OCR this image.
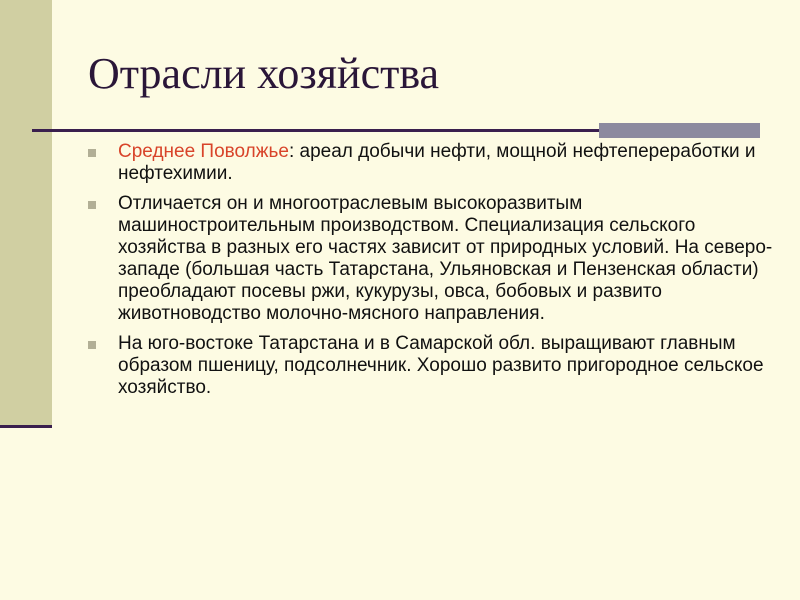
Отрасли хозяйства
Среднее Поволжье: ареал добычи нефти, мощной нефтепереработки и нефтехимии.
Отличается он и многоотраслевым высокоразвитым машиностроительным производством. Специализация сельского хозяйства в разных его частях зависит от природных условий. На северо-западе (большая часть Татарстана, Ульяновская и Пензенская области) преобладают посевы ржи, кукурузы, овса, бобовых и развито животноводство молочно-мясного направления.
На юго-востоке Татарстана и в Самарской обл. выращивают главным образом пшеницу, подсолнечник. Хорошо развито пригородное сельское хозяйство.
